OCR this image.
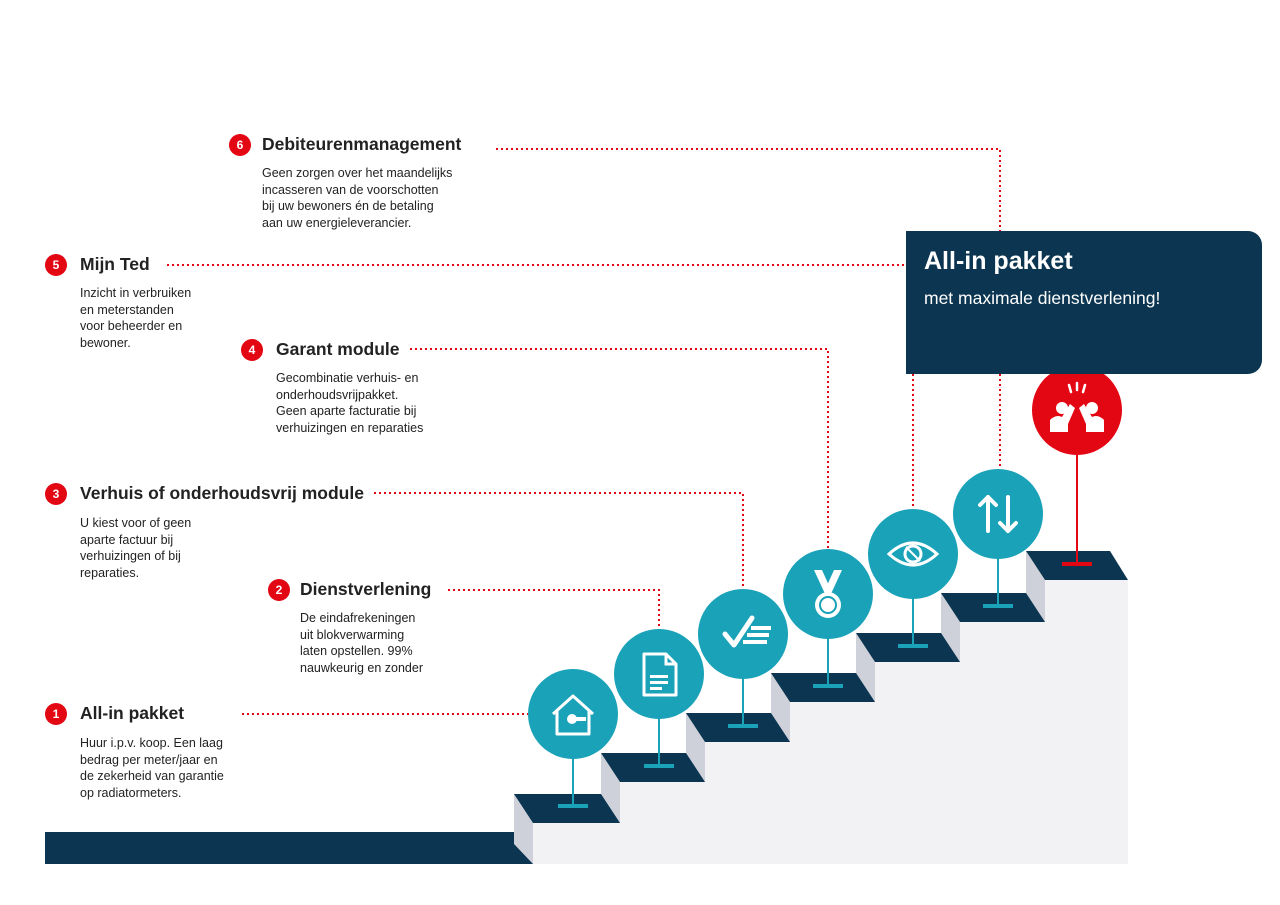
All-in pakket
met maximale dienstverlening!
1	All-in pakket
Huur i.p.v. koop. Een laag
bedrag per meter/jaar en
de zekerheid van garantie
op radiatormeters.
2	Dienstverlening
De eindafrekeningen
uit blokverwarming
laten opstellen. 99%
nauwkeurig en zonder
3	Verhuis of onderhoudsvrij module
U kiest voor of geen
aparte factuur bij
verhuizingen of bij
reparaties.
4	Garant module
Gecombinatie verhuis- en
onderhoudsvrijpakket.
Geen aparte facturatie bij
verhuizingen en reparaties
5	Mijn Ted
Inzicht in verbruiken
en meterstanden
voor beheerder en
bewoner.
6	Debiteurenmanagement
Geen zorgen over het maandelijks
incasseren van de voorschotten
bij uw bewoners én de betaling
aan uw energieleverancier.
